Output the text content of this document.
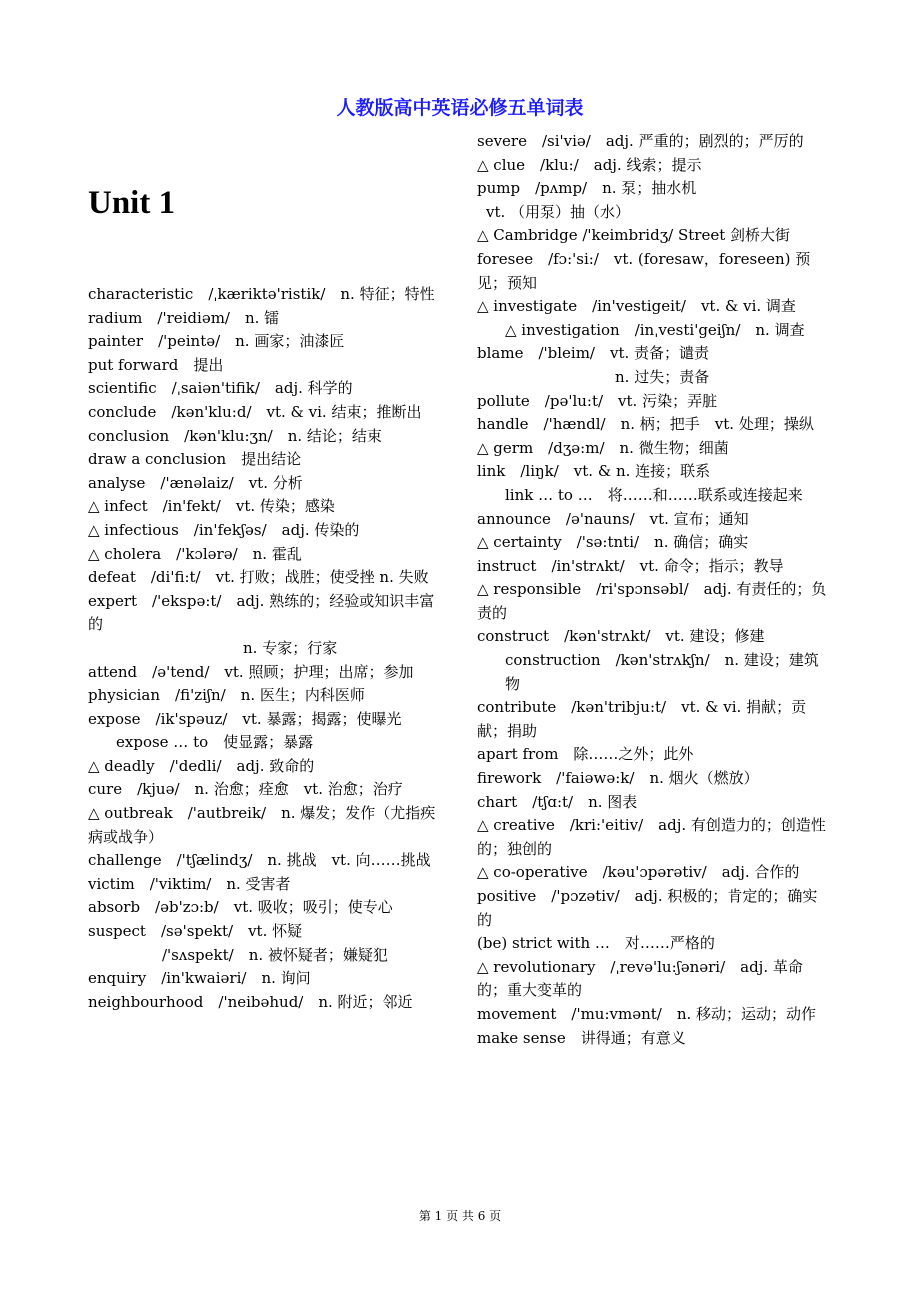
人教版高中英语必修五单词表
Unit 1

characteristic　/ˌkæriktə'ristik/　n. 特征；特性

radium　/'reidiəm/　n. 镭

painter　/'peintə/　n. 画家；油漆匠

put forward　提出

scientific　/ˌsaiən'tifik/　adj. 科学的

conclude　/kən'klu:d/　vt. & vi. 结束；推断出

conclusion　/kən'klu:ʒn/　n. 结论；结束

draw a conclusion　提出结论

analyse　/'ænəlaiz/　vt. 分析

△ infect　/in'fekt/　vt. 传染；感染

△ infectious　/in'fekʃəs/　adj. 传染的

△ cholera　/'kɔlərə/　n. 霍乱

defeat　/di'fi:t/　vt. 打败；战胜；使受挫 n. 失败

expert　/'ekspə:t/　adj. 熟练的；经验或知识丰富的

n. 专家；行家

attend　/ə'tend/　vt. 照顾；护理；出席；参加

physician　/fi'ziʃn/　n. 医生；内科医师

expose　/ik'spəuz/　vt. 暴露；揭露；使曝光

expose … to　使显露；暴露

△ deadly　/'dedli/　adj. 致命的

cure　/kjuə/　n. 治愈；痊愈　vt. 治愈；治疗

△ outbreak　/'autbreik/　n. 爆发；发作（尤指疾病或战争）

challenge　/'tʃælindʒ/　n. 挑战　vt. 向……挑战

victim　/'viktim/　n. 受害者

absorb　/əb'zɔ:b/　vt. 吸收；吸引；使专心

suspect　/sə'spekt/　vt. 怀疑

/'sʌspekt/　n. 被怀疑者；嫌疑犯

enquiry　/in'kwaiəri/　n. 询问

neighbourhood　/'neibəhud/　n. 附近；邻近

severe　/si'viə/　adj. 严重的；剧烈的；严厉的

△ clue　/klu:/　adj. 线索；提示

pump　/pʌmp/　n. 泵；抽水机

vt. （用泵）抽（水）

△ Cambridge /'keimbridʒ/ Street 剑桥大街

foresee　/fɔ:'si:/　vt. (foresaw，foreseen) 预见；预知

△ investigate　/in'vestigeit/　vt. & vi. 调查

△ investigation　/inˌvesti'geiʃn/　n. 调查

blame　/'bleim/　vt. 责备；谴责

n. 过失；责备

pollute　/pə'lu:t/　vt. 污染；弄脏

handle　/'hændl/　n. 柄；把手　vt. 处理；操纵

△ germ　/dʒə:m/　n. 微生物；细菌

link　/liŋk/　vt. & n. 连接；联系

link … to …　将……和……联系或连接起来

announce　/ə'nauns/　vt. 宣布；通知

△ certainty　/'sə:tnti/　n. 确信；确实

instruct　/in'strʌkt/　vt. 命令；指示；教导

△ responsible　/ri'spɔnsəbl/　adj. 有责任的；负责的

construct　/kən'strʌkt/　vt. 建设；修建

construction　/kən'strʌkʃn/　n. 建设；建筑物

contribute　/kən'tribju:t/　vt. & vi. 捐献；贡献；捐助

apart from　除……之外；此外

firework　/'faiəwə:k/　n. 烟火（燃放）

chart　/tʃɑ:t/　n. 图表

△ creative　/kri:'eitiv/　adj. 有创造力的；创造性的；独创的

△ co-operative　/kəu'ɔpərətiv/　adj. 合作的

positive　/'pɔzətiv/　adj. 积极的；肯定的；确实的

(be) strict with …　对……严格的

△ revolutionary　/ˌrevə'lu:ʃənəri/　adj. 革命的；重大变革的

movement　/'mu:vmənt/　n. 移动；运动；动作

make sense　讲得通；有意义

第 1 页 共 6 页
